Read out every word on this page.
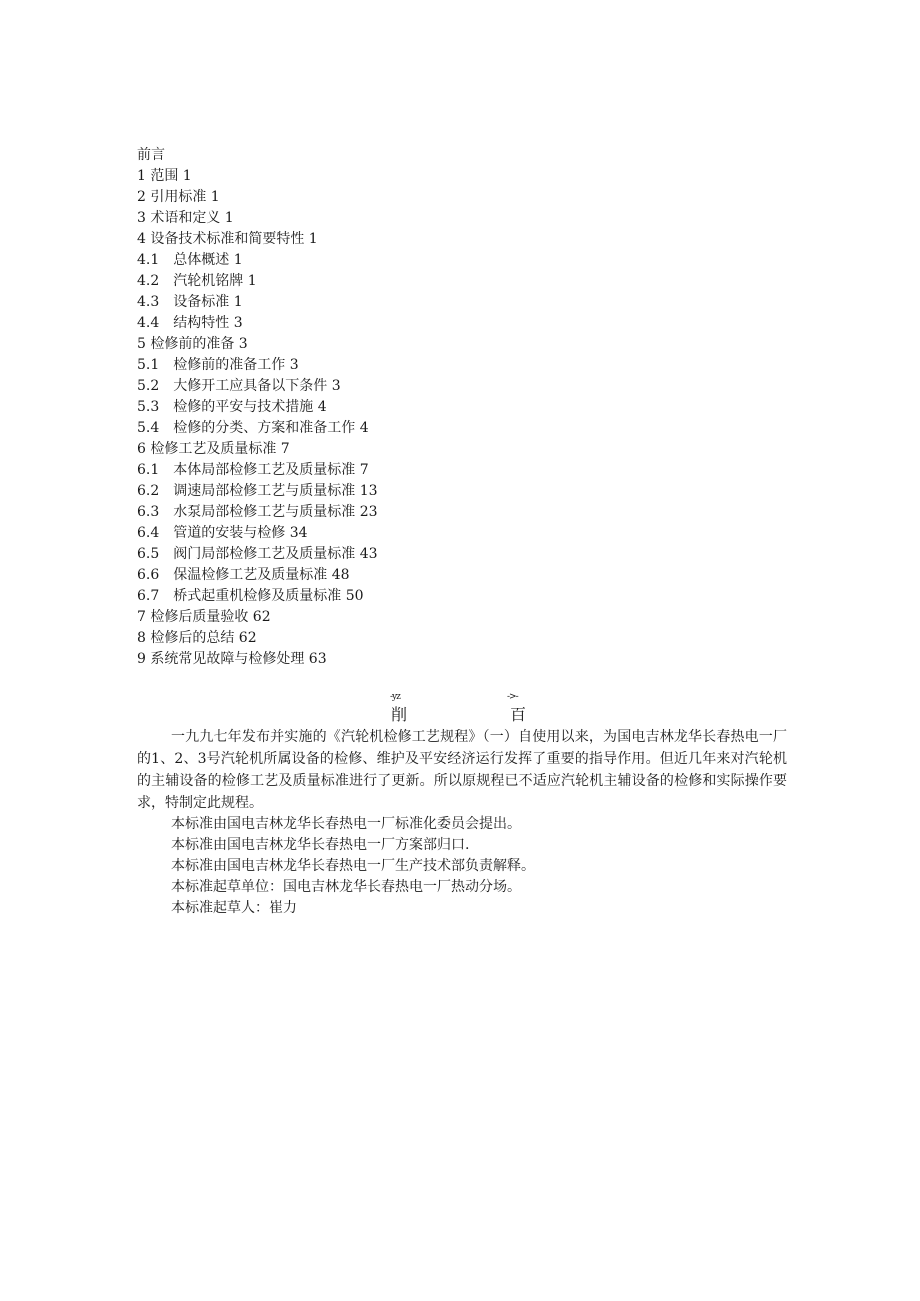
前言
1 范围 1
2 引用标准 1
3 术语和定义 1
4 设备技术标准和简要特性 1
4.1　总体概述 1
4.2　汽轮机铭牌 1
4.3　设备标准 1
4.4　结构特性 3
5 检修前的准备 3
5.1　检修前的准备工作 3
5.2　大修开工应具备以下条件 3
5.3　检修的平安与技术措施 4
5.4　检修的分类、方案和准备工作 4
6 检修工艺及质量标准 7
6.1　本体局部检修工艺及质量标准 7
6.2　调速局部检修工艺与质量标准 13
6.3　水泵局部检修工艺与质量标准 23
6.4　管道的安装与检修 34
6.5　阀门局部检修工艺及质量标准 43
6.6　保温检修工艺及质量标准 48
6.7　桥式起重机检修及质量标准 50
7 检修后质量验收 62
8 检修后的总结 62
9 系统常见故障与检修处理 63
-yz
削
->-
百

一九九七年发布并实施的《汽轮机检修工艺规程》（一）自使用以来，为国电吉林龙华长春热电一厂的1、2、3号汽轮机所属设备的检修、维护及平安经济运行发挥了重要的指导作用。但近几年来对汽轮机的主辅设备的检修工艺及质量标准进行了更新。所以原规程已不适应汽轮机主辅设备的检修和实际操作要求，特制定此规程。

本标准由国电吉林龙华长春热电一厂标准化委员会提出。
本标准由国电吉林龙华长春热电一厂方案部归口.
本标准由国电吉林龙华长春热电一厂生产技术部负责解释。
本标准起草单位：国电吉林龙华长春热电一厂热动分场。
本标准起草人：崔力
